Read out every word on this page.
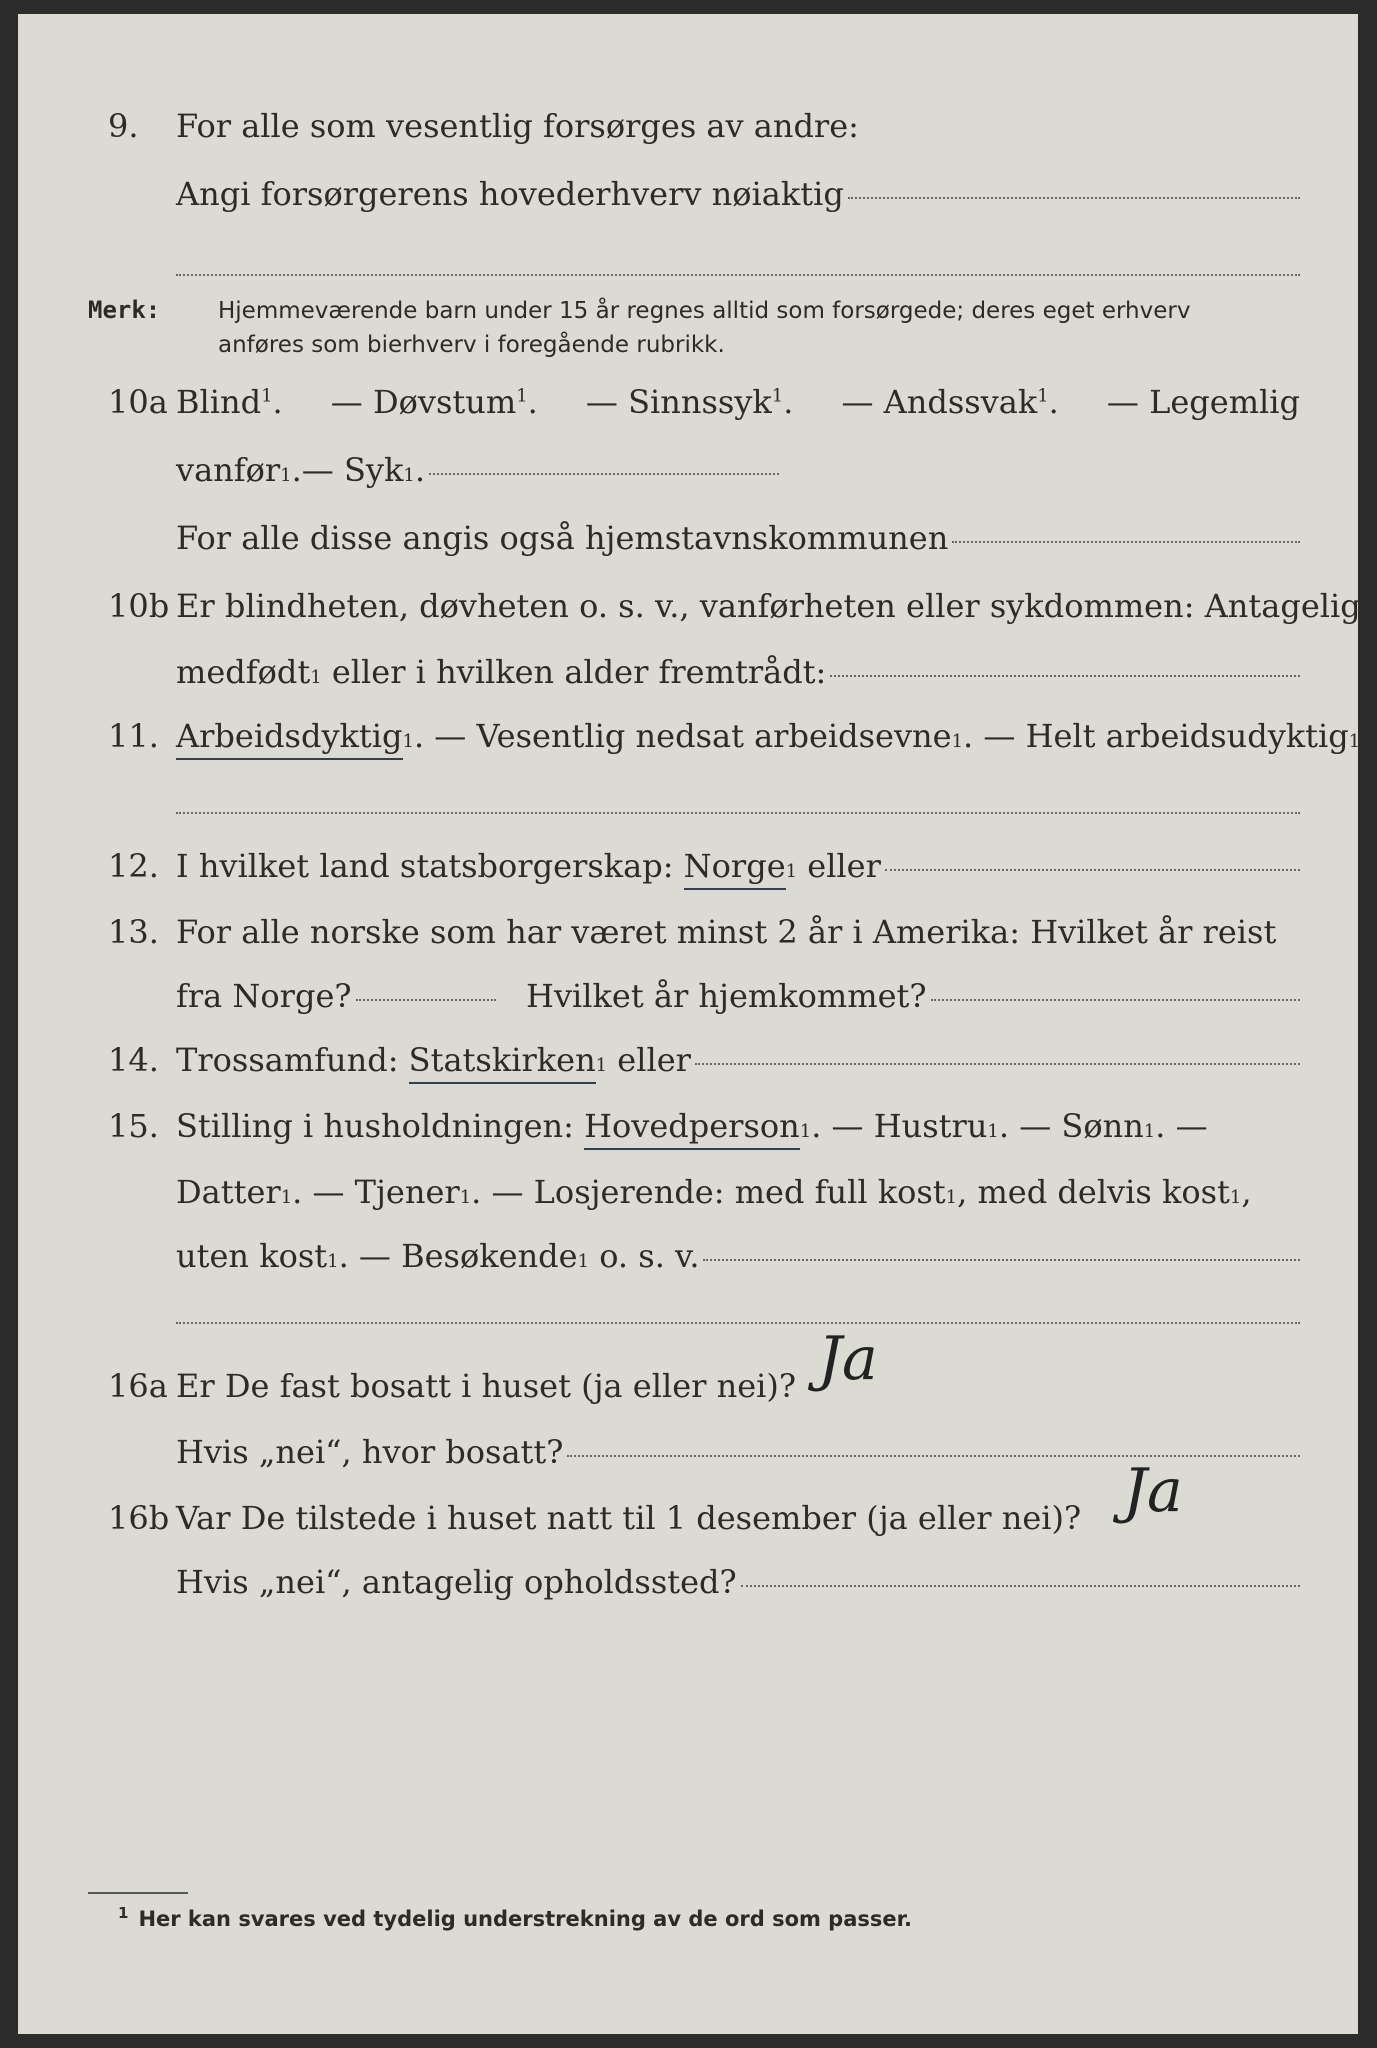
9. For alle som vesentlig forsørges av andre:
Angi forsørgerens hovederhverv nøiaktig
Merk:	Hjemmeværende barn under 15 år regnes alltid som forsørgede; deres eget erhverv
anføres som bierhverv i foregående rubrikk.
10a Blind$^1$. — Døvstum$^1$. — Sinnssyk$^1$. — Andssvak$^1$. — Legemlig
vanfør 1 . — Syk 1 .
For alle disse angis også hjemstavnskommunen
10b Er blindheten, døvheten o. s. v., vanførheten eller sykdommen: Antagelig
medfødt 1
eller i hvilken alder fremtrådt:
11. Arbeidsdyktig 1 . — Vesentlig nedsat arbeidsevne 1 . — Helt arbeidsudyktig 1 .
12. I hvilket land statsborgerskap:
Norge 1
eller
13. For alle norske som har været minst 2 år i Amerika: Hvilket år reist
fra Norge?
	Hvilket år hjemkommet?
14. Trossamfund:
Statskirken 1
eller
15. Stilling i husholdningen:
Hovedperson 1 . — Hustru 1 . — Sønn 1 . —
Datter 1 . — Tjener 1 . — Losjerende: med full kost 1 , med delvis kost 1 ,
uten kost 1 . — Besøkende 1
o. s. v.
16a Er De fast bosatt i huset (ja eller nei)? Ja
Hvis „nei“, hvor bosatt?
16b Var De tilstede i huset natt til 1 desember (ja eller nei)? Ja
Hvis „nei“, antagelig opholdssted?
$^1$ Her kan svares ved tydelig understrekning av de ord som passer.
